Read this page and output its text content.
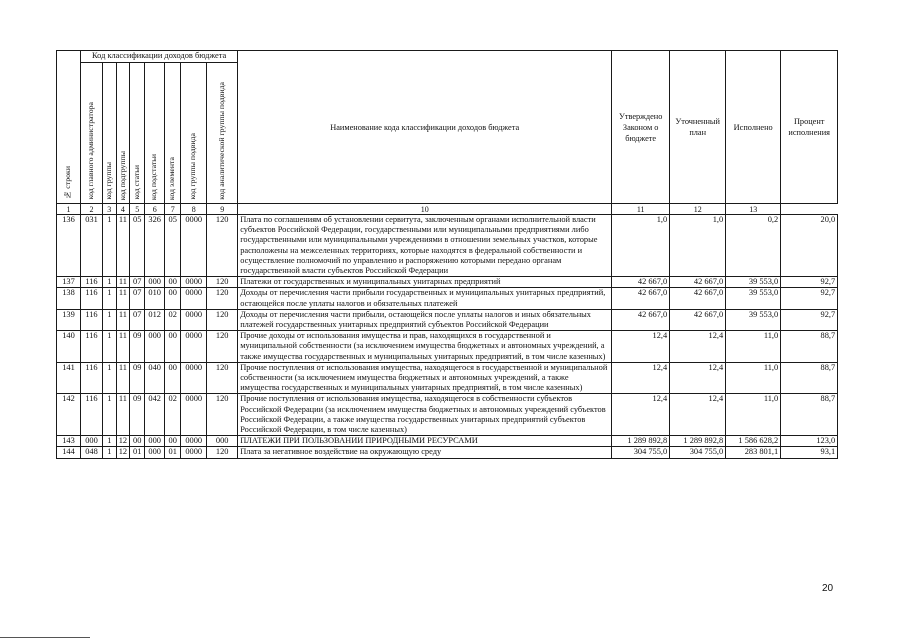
№ строки	Код классификации доходов бюджета								Наименование кода классификации доходов бюджета	Утверждено Законом о бюджете	Уточненный план	Исполнено	Процент исполнения
	код главного администратора	код группы	код подгруппы	код статьи	код подстатьи	код элемента	код группы подвида	код аналитической группы подвида					
1	2	3	4	5	6	7	8	9	10	11	12	13	
136	031	1	11	05	326	05	0000	120	Плата по соглашениям об установлении сервитута, заключенным органами исполнительной власти субъектов Российской Федерации, государственными или муниципальными предприятиями либо государственными или муниципальными учреждениями в отношении земельных участков, которые расположены на межселенных территориях, которые находятся в федеральной собственности и осуществление полномочий по управлению и распоряжению которыми передано органам государственной власти субъектов Российской Федерации	1,0	1,0	0,2	20,0
137	116	1	11	07	000	00	0000	120	Платежи от государственных и муниципальных унитарных предприятий	42 667,0	42 667,0	39 553,0	92,7
138	116	1	11	07	010	00	0000	120	Доходы от перечисления части прибыли государственных и муниципальных унитарных предприятий, остающейся после уплаты налогов и обязательных платежей	42 667,0	42 667,0	39 553,0	92,7
139	116	1	11	07	012	02	0000	120	Доходы от перечисления части прибыли, остающейся после уплаты налогов и иных обязательных платежей государственных унитарных предприятий субъектов Российской Федерации	42 667,0	42 667,0	39 553,0	92,7
140	116	1	11	09	000	00	0000	120	Прочие доходы от использования имущества и прав, находящихся в государственной и муниципальной собственности (за исключением имущества бюджетных и автономных учреждений, а также имущества государственных и муниципальных унитарных предприятий, в том числе казенных)	12,4	12,4	11,0	88,7
141	116	1	11	09	040	00	0000	120	Прочие поступления от использования имущества, находящегося в государственной и муниципальной собственности (за исключением имущества бюджетных и автономных учреждений, а также имущества государственных и муниципальных унитарных предприятий, в том числе казенных)	12,4	12,4	11,0	88,7
142	116	1	11	09	042	02	0000	120	Прочие поступления от использования имущества, находящегося в собственности субъектов Российской Федерации (за исключением имущества бюджетных и автономных учреждений субъектов Российской Федерации, а также имущества государственных унитарных предприятий субъектов Российской Федерации, в том числе казенных)	12,4	12,4	11,0	88,7
143	000	1	12	00	000	00	0000	000	ПЛАТЕЖИ ПРИ ПОЛЬЗОВАНИИ ПРИРОДНЫМИ РЕСУРСАМИ	1 289 892,8	1 289 892,8	1 586 628,2	123,0
144	048	1	12	01	000	01	0000	120	Плата за негативное воздействие на окружающую среду	304 755,0	304 755,0	283 801,1	93,1
20
